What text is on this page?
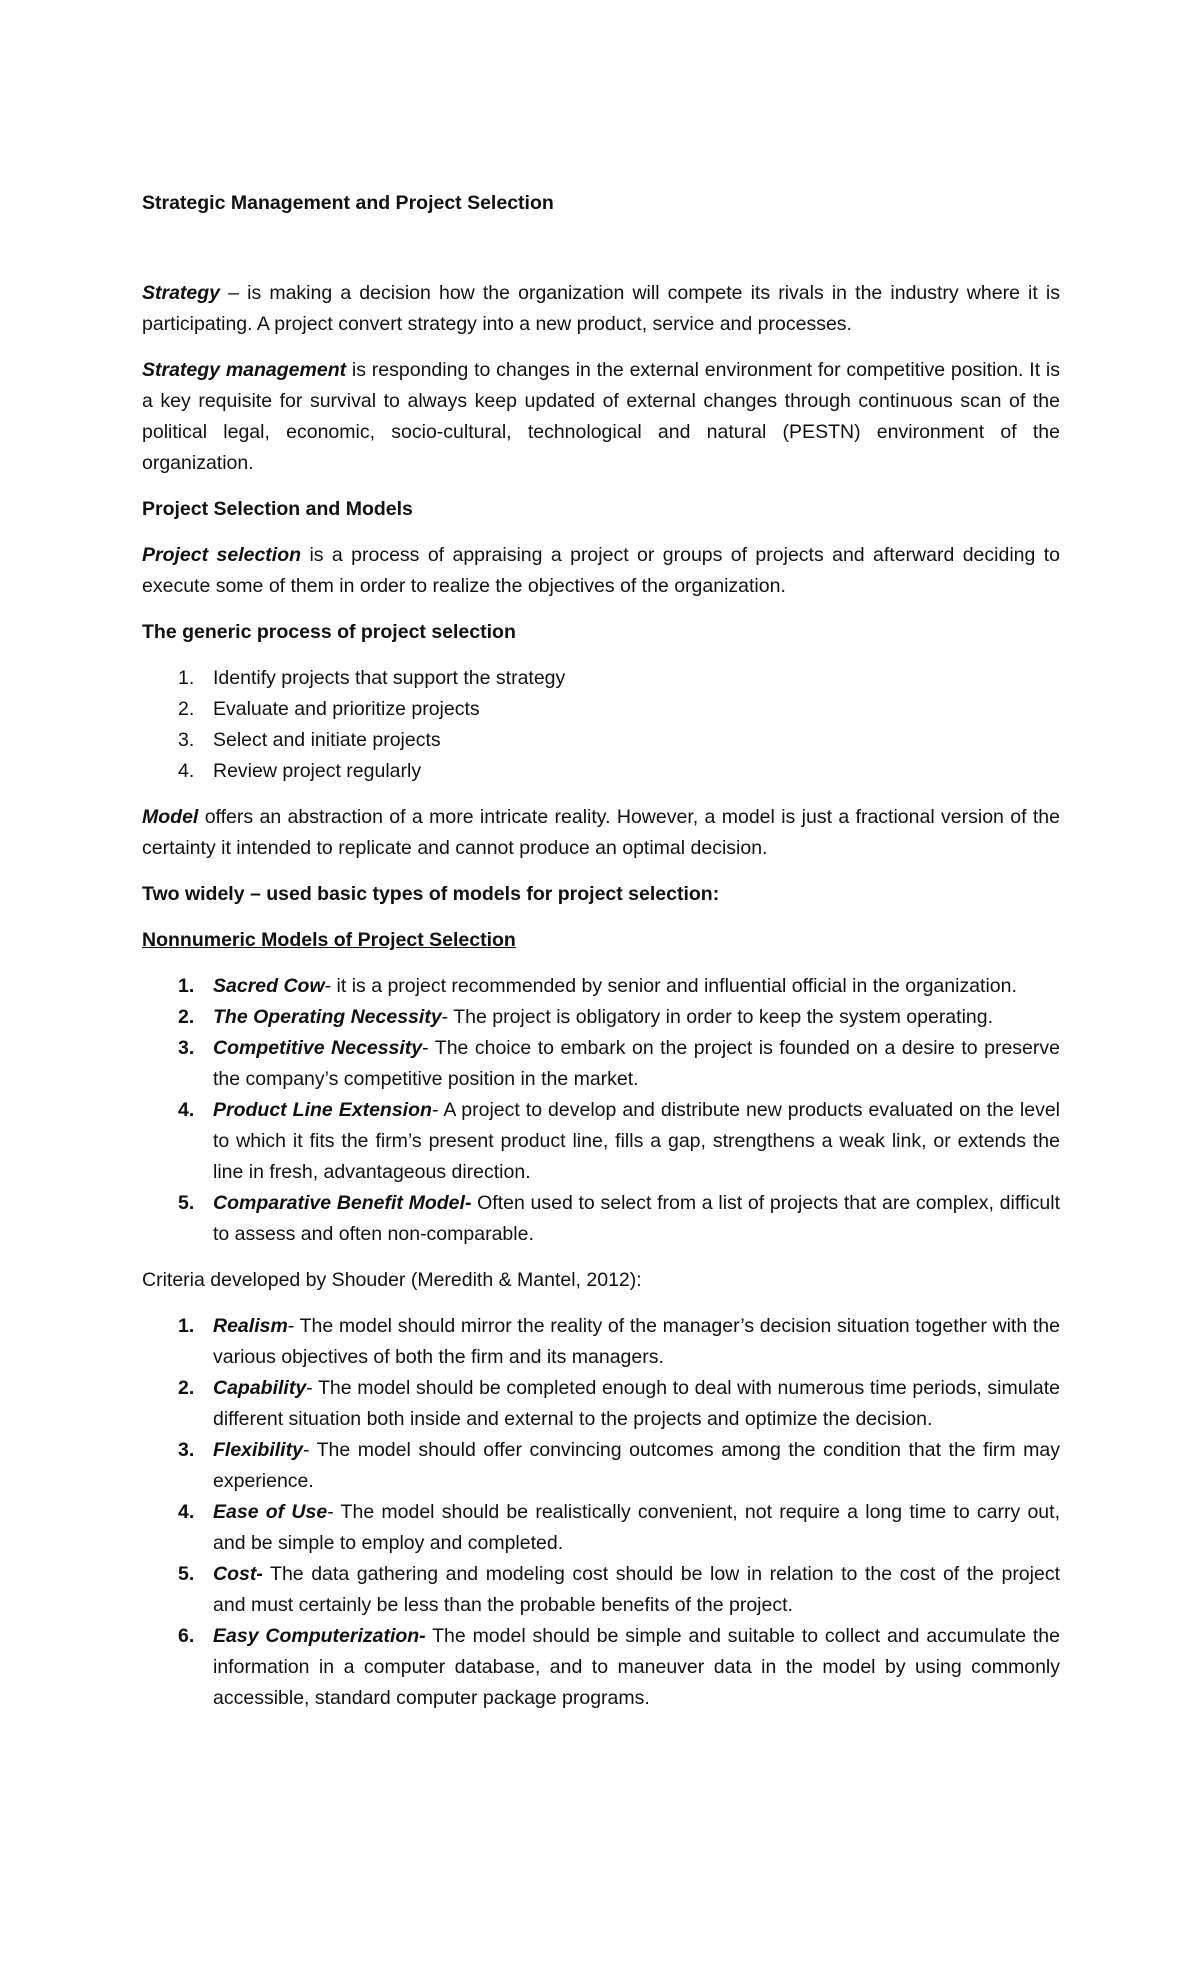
Strategic Management and Project Selection

Strategy – is making a decision how the organization will compete its rivals in the industry where it is participating. A project convert strategy into a new product, service and processes.

Strategy management is responding to changes in the external environment for competitive position. It is a key requisite for survival to always keep updated of external changes through continuous scan of the political legal, economic, socio-cultural, technological and natural (PESTN) environment of the organization.

Project Selection and Models

Project selection is a process of appraising a project or groups of projects and afterward deciding to execute some of them in order to realize the objectives of the organization.

The generic process of project selection
1. Identify projects that support the strategy
2. Evaluate and prioritize projects
3. Select and initiate projects
4. Review project regularly

Model offers an abstraction of a more intricate reality. However, a model is just a fractional version of the certainty it intended to replicate and cannot produce an optimal decision.

Two widely – used basic types of models for project selection:
Nonnumeric Models of Project Selection
1. Sacred Cow- it is a project recommended by senior and influential official in the organization.
2. The Operating Necessity- The project is obligatory in order to keep the system operating.
3. Competitive Necessity- The choice to embark on the project is founded on a desire to preserve the company’s competitive position in the market.
4. Product Line Extension- A project to develop and distribute new products evaluated on the level to which it fits the firm’s present product line, fills a gap, strengthens a weak link, or extends the line in fresh, advantageous direction.
5. Comparative Benefit Model- Often used to select from a list of projects that are complex, difficult to assess and often non-comparable.

Criteria developed by Shouder (Meredith & Mantel, 2012):

1. Realism- The model should mirror the reality of the manager’s decision situation together with the various objectives of both the firm and its managers.
2. Capability- The model should be completed enough to deal with numerous time periods, simulate different situation both inside and external to the projects and optimize the decision.
3. Flexibility- The model should offer convincing outcomes among the condition that the firm may experience.
4. Ease of Use- The model should be realistically convenient, not require a long time to carry out, and be simple to employ and completed.
5. Cost- The data gathering and modeling cost should be low in relation to the cost of the project and must certainly be less than the probable benefits of the project.
6. Easy Computerization- The model should be simple and suitable to collect and accumulate the information in a computer database, and to maneuver data in the model by using commonly accessible, standard computer package programs.
